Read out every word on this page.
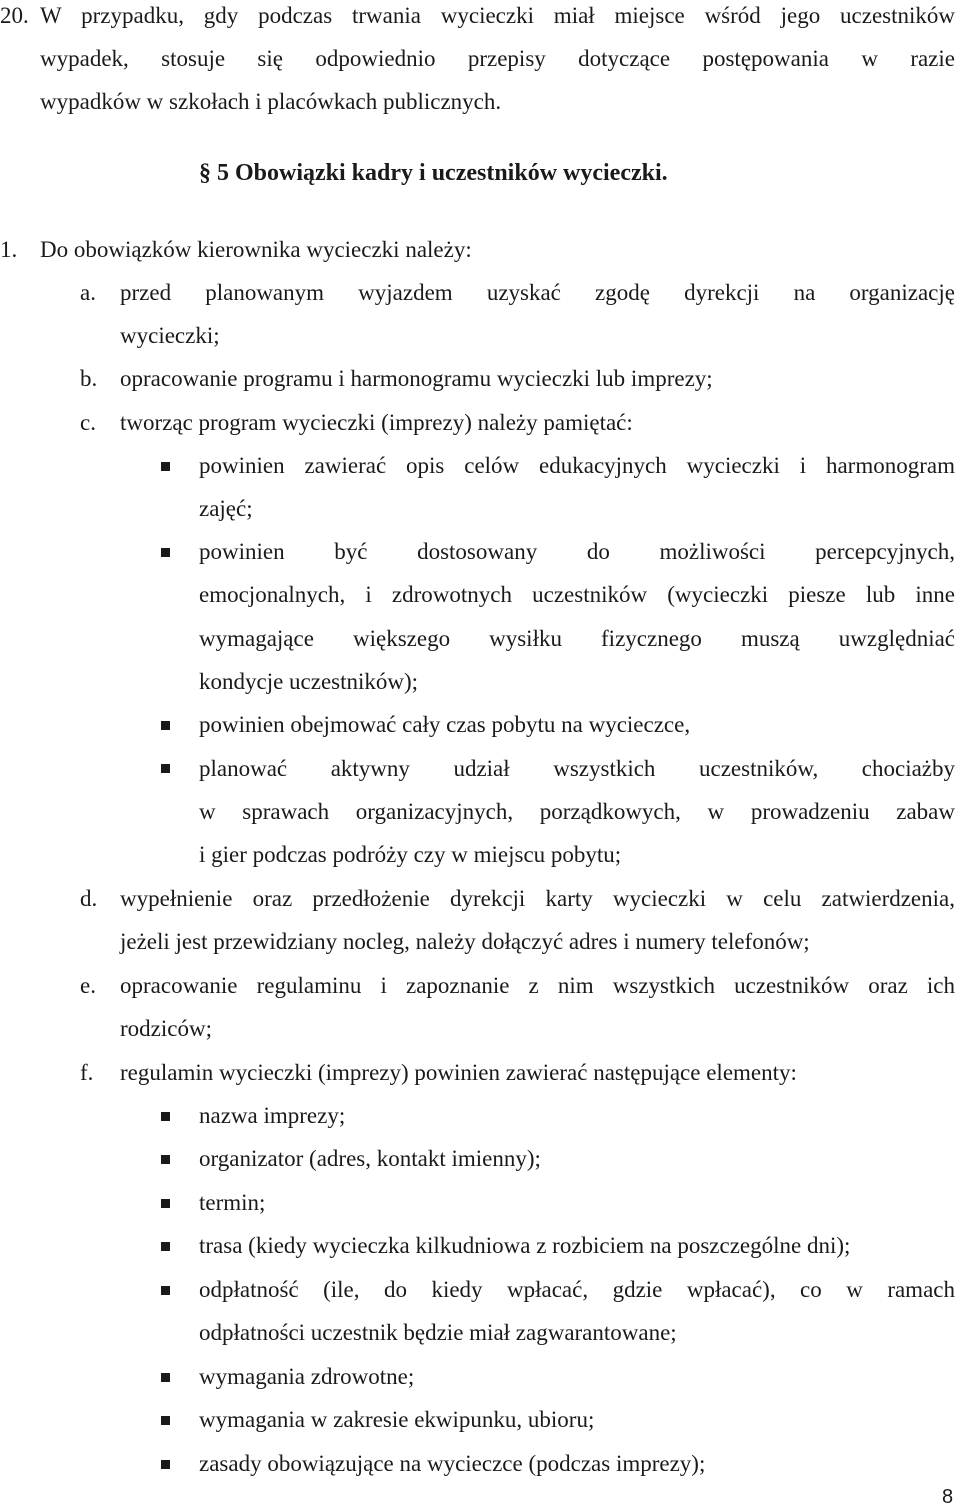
20. W przypadku, gdy podczas trwania wycieczki miał miejsce wśród jego uczestników
wypadek, stosuje się odpowiednio przepisy dotyczące postępowania w razie
wypadków w szkołach i placówkach publicznych.
§ 5 Obowiązki kadry i uczestników wycieczki.
1. Do obowiązków kierownika wycieczki należy:
a. przed planowanym wyjazdem uzyskać zgodę dyrekcji na organizację
wycieczki;
b. opracowanie programu i harmonogramu wycieczki lub imprezy;
c. tworząc program wycieczki (imprezy) należy pamiętać:
powinien zawierać opis celów edukacyjnych wycieczki i harmonogram
zajęć;
powinien być dostosowany do możliwości percepcyjnych,
emocjonalnych, i zdrowotnych uczestników (wycieczki piesze lub inne
wymagające większego wysiłku fizycznego muszą uwzględniać
kondycje uczestników);
powinien obejmować cały czas pobytu na wycieczce,
planować aktywny udział wszystkich uczestników, chociażby
w sprawach organizacyjnych, porządkowych, w prowadzeniu zabaw
i gier podczas podróży czy w miejscu pobytu;
d. wypełnienie oraz przedłożenie dyrekcji karty wycieczki w celu zatwierdzenia,
jeżeli jest przewidziany nocleg, należy dołączyć adres i numery telefonów;
e. opracowanie regulaminu i zapoznanie z nim wszystkich uczestników oraz ich
rodziców;
f. regulamin wycieczki (imprezy) powinien zawierać następujące elementy:
nazwa imprezy;
organizator (adres, kontakt imienny);
termin;
trasa (kiedy wycieczka kilkudniowa z rozbiciem na poszczególne dni);
odpłatność (ile, do kiedy wpłacać, gdzie wpłacać), co w ramach
odpłatności uczestnik będzie miał zagwarantowane;
wymagania zdrowotne;
wymagania w zakresie ekwipunku, ubioru;
zasady obowiązujące na wycieczce (podczas imprezy);
8
